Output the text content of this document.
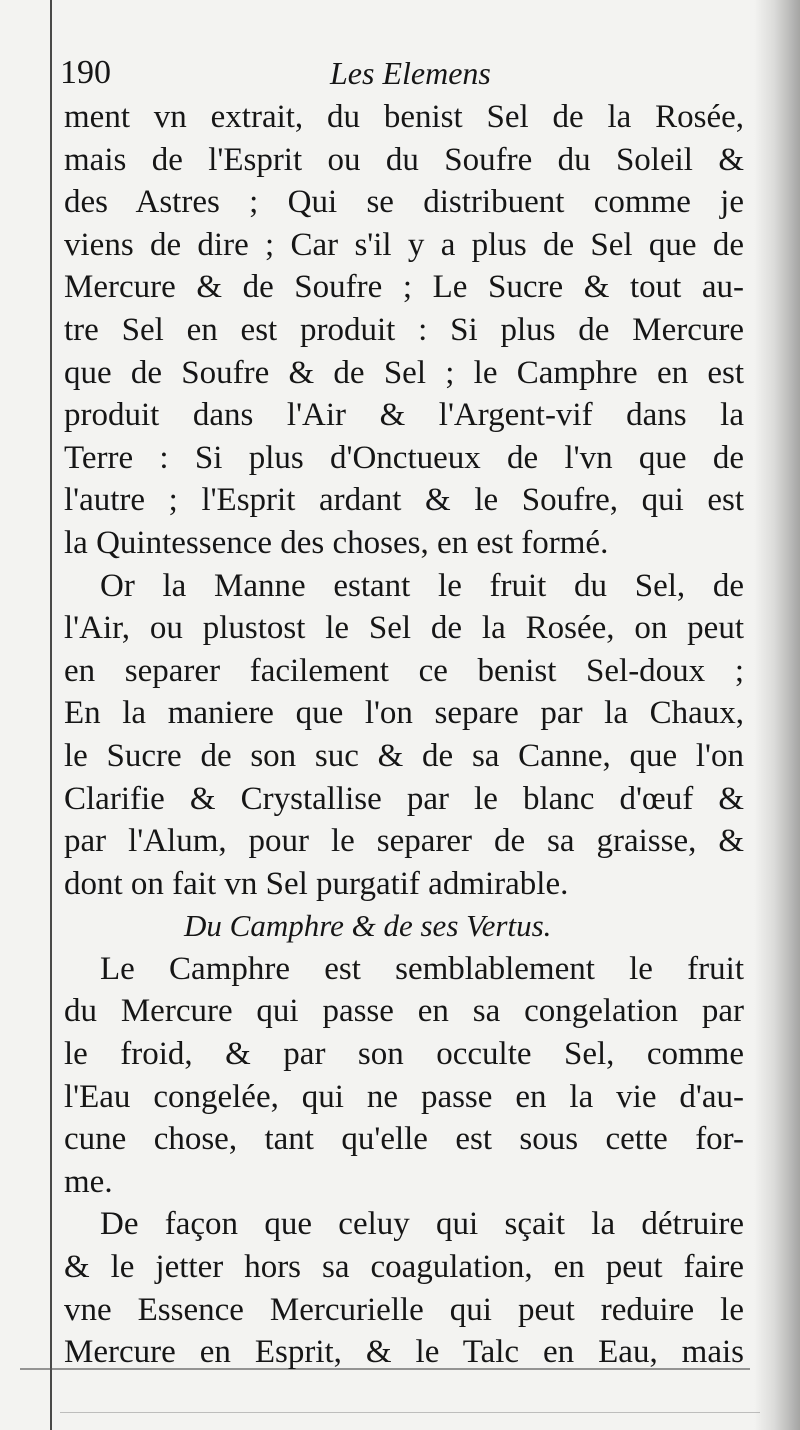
190	Les Elemens
ment vn extrait, du benist Sel de la Rosée,
mais de l'Esprit ou du Soufre du Soleil &
des Astres ; Qui se distribuent comme je
viens de dire ; Car s'il y a plus de Sel que de
Mercure & de Soufre ; Le Sucre & tout au-
tre Sel en est produit : Si plus de Mercure
que de Soufre & de Sel ; le Camphre en est
produit dans l'Air & l'Argent-vif dans la
Terre : Si plus d'Onctueux de l'vn que de
l'autre ; l'Esprit ardant & le Soufre, qui est
la Quintessence des choses, en est formé.
Or la Manne estant le fruit du Sel, de
l'Air, ou plustost le Sel de la Rosée, on peut
en separer facilement ce benist Sel-doux ;
En la maniere que l'on separe par la Chaux,
le Sucre de son suc & de sa Canne, que l'on
Clarifie & Crystallise par le blanc d'œuf &
par l'Alum, pour le separer de sa graisse, &
dont on fait vn Sel purgatif admirable.
Du Camphre & de ses Vertus.
Le Camphre est semblablement le fruit
du Mercure qui passe en sa congelation par
le froid, & par son occulte Sel, comme
l'Eau congelée, qui ne passe en la vie d'au-
cune chose, tant qu'elle est sous cette for-
me.
De façon que celuy qui sçait la détruire
& le jetter hors sa coagulation, en peut faire
vne Essence Mercurielle qui peut reduire le
Mercure en Esprit, & le Talc en Eau, mais
